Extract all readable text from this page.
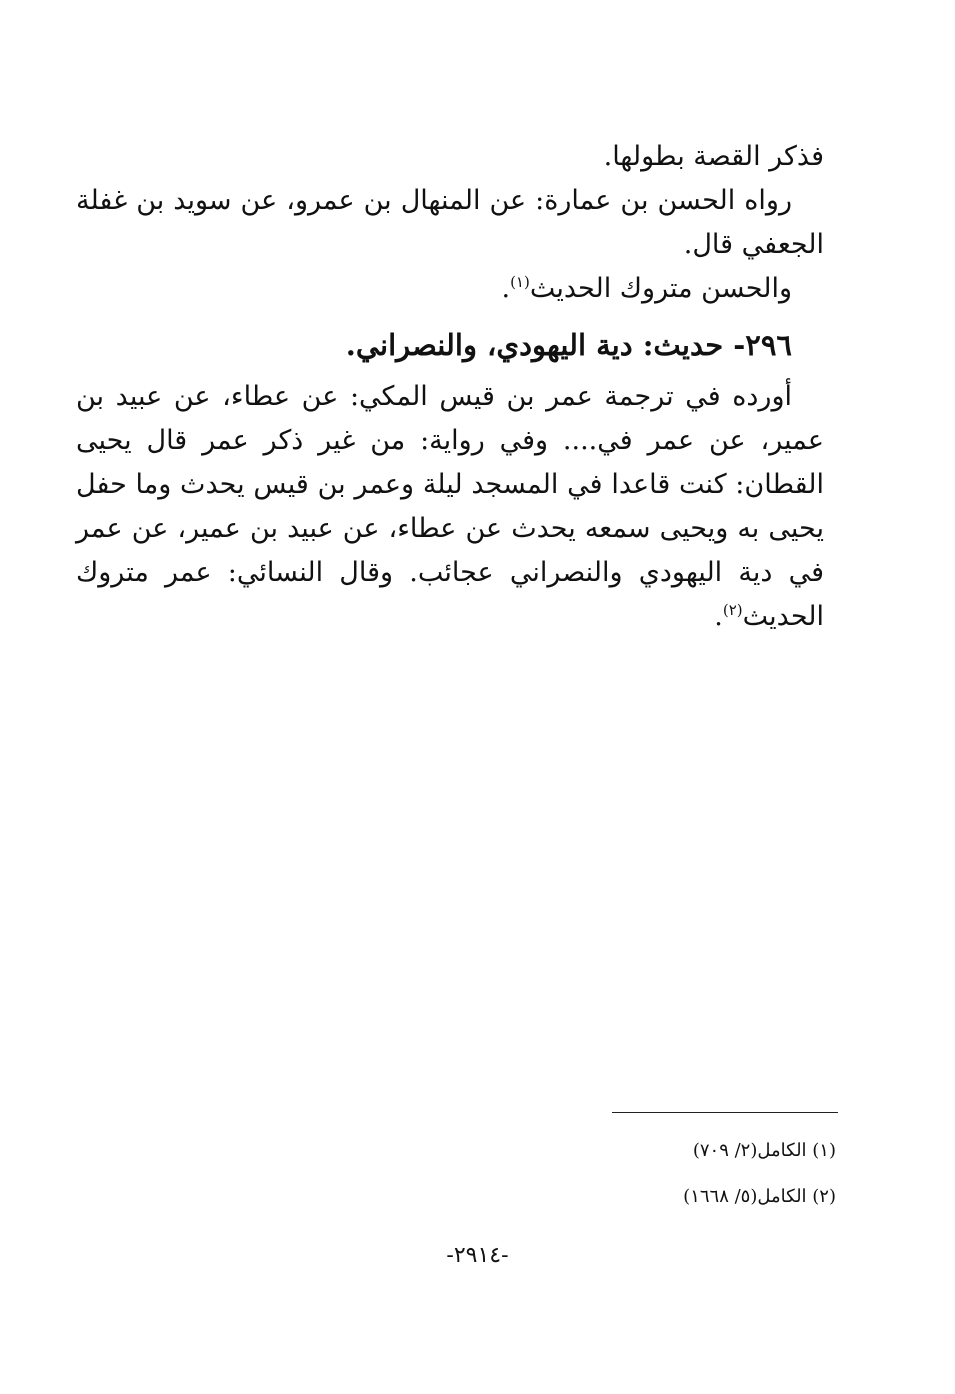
فذكر القصة بطولها.

رواه الحسن بن عمارة: عن المنهال بن عمرو، عن سويد بن غفلة الجعفي قال.

والحسن متروك الحديث$^{(١)}$.

٢٩٦- حديث: دية اليهودي، والنصراني.

أورده في ترجمة عمر بن قيس المكي: عن عطاء، عن عبيد بن عمير، عن عمر في.... وفي رواية: من غير ذكر عمر قال يحيى القطان: كنت قاعدا في المسجد ليلة وعمر بن قيس يحدث وما حفل يحيى به ويحيى سمعه يحدث عن عطاء، عن عبيد بن عمير، عن عمر في دية اليهودي والنصراني عجائب. وقال النسائي: عمر متروك الحديث$^{(٢)}$.

(١) الكامل(٢/ ٧٠٩)

(٢) الكامل(٥/ ١٦٦٨)

-٢٩١٤-
